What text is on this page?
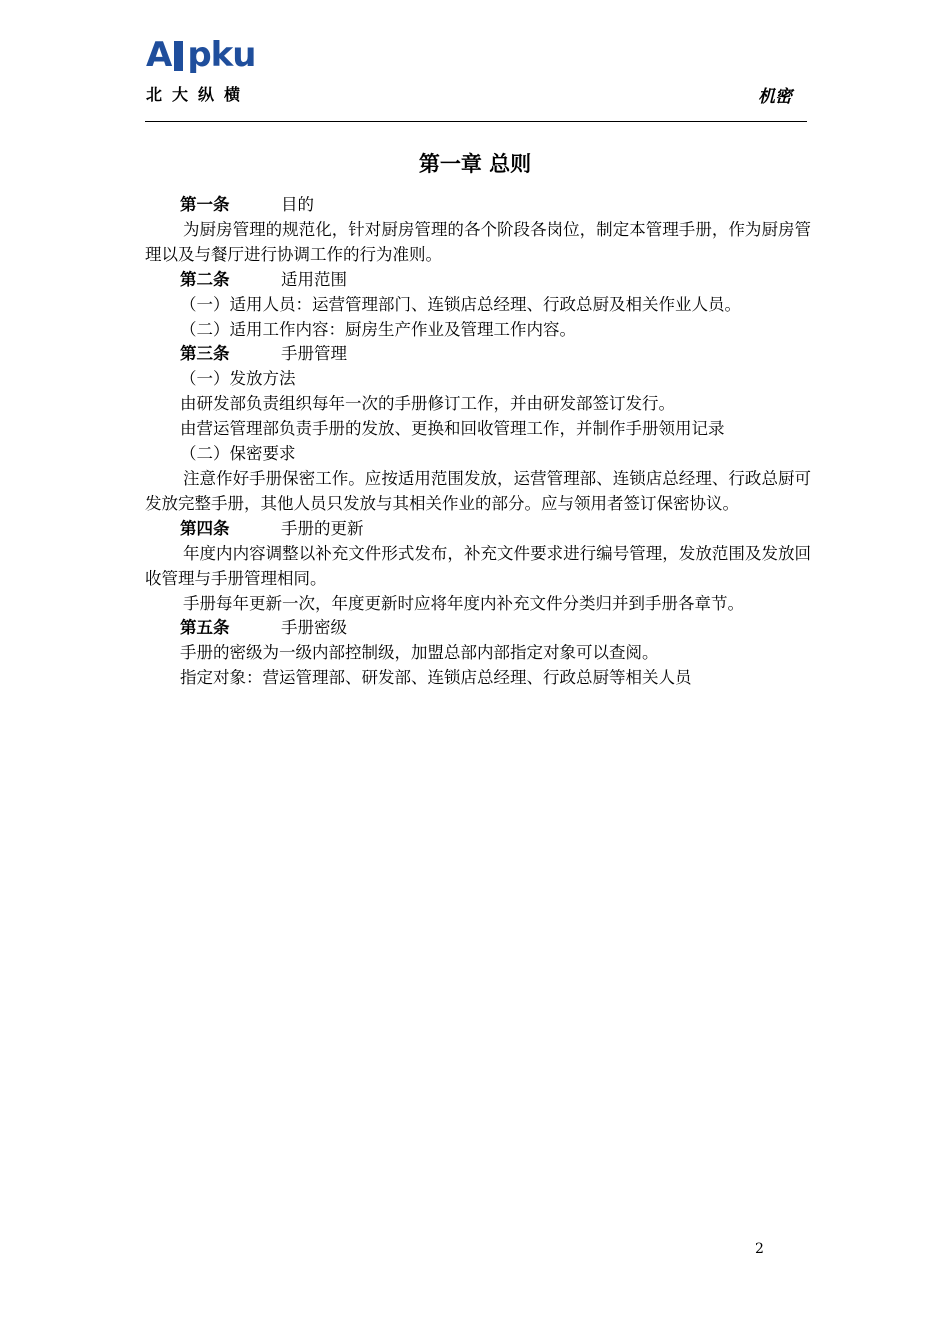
A pku
北大纵横	机密
第一章 总则
第一条	目的
为厨房管理的规范化，针对厨房管理的各个阶段各岗位，制定本管理手册，作为厨房管理以及与餐厅进行协调工作的行为准则。
第二条	适用范围
（一）适用人员：运营管理部门、连锁店总经理、行政总厨及相关作业人员。
（二）适用工作内容：厨房生产作业及管理工作内容。
第三条	手册管理
（一）发放方法
由研发部负责组织每年一次的手册修订工作，并由研发部签订发行。
由营运管理部负责手册的发放、更换和回收管理工作，并制作手册领用记录
（二）保密要求
注意作好手册保密工作。应按适用范围发放，运营管理部、连锁店总经理、行政总厨可发放完整手册，其他人员只发放与其相关作业的部分。应与领用者签订保密协议。
第四条	手册的更新
年度内内容调整以补充文件形式发布，补充文件要求进行编号管理，发放范围及发放回收管理与手册管理相同。
手册每年更新一次，年度更新时应将年度内补充文件分类归并到手册各章节。
第五条	手册密级
手册的密级为一级内部控制级，加盟总部内部指定对象可以查阅。
指定对象：营运管理部、研发部、连锁店总经理、行政总厨等相关人员
2
